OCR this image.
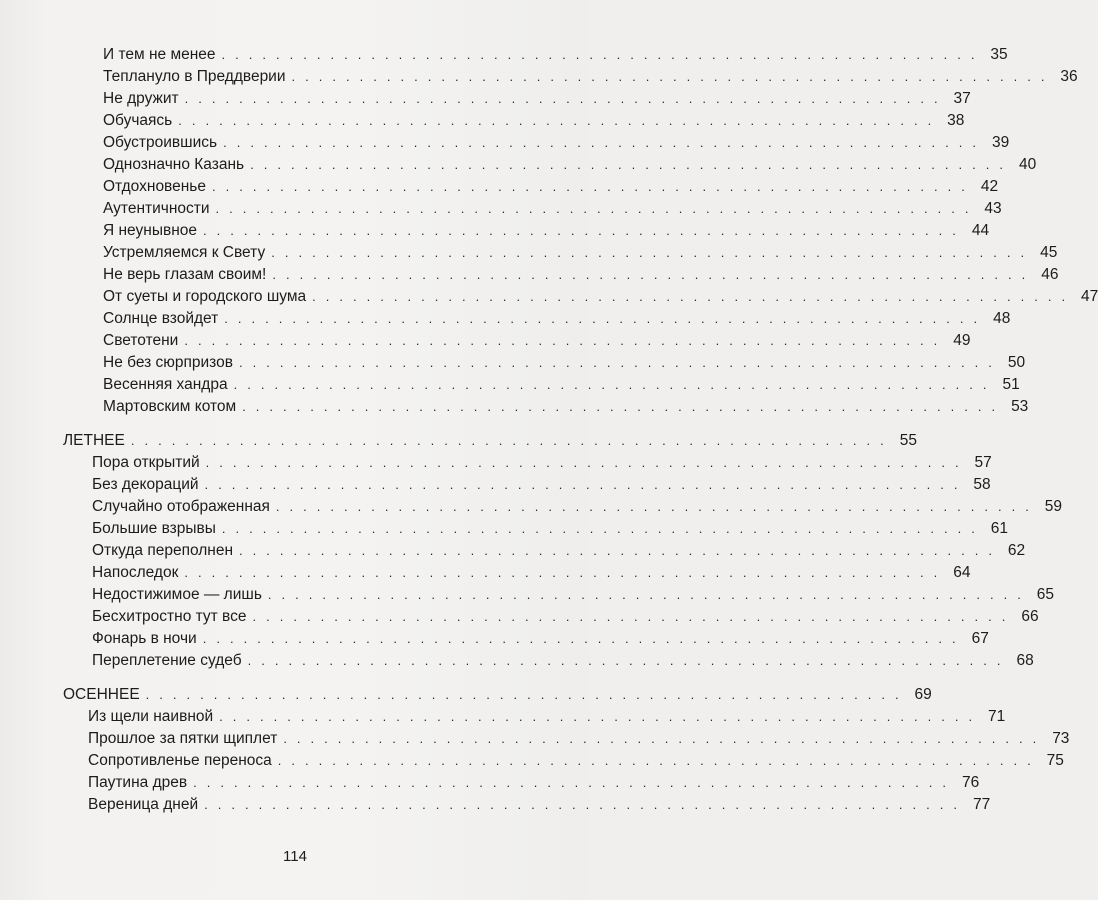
И тем не менее . . . . . . . . . . . . . . . . . . . . . . . . . . . . . . . . . . . . . . . . . . . . . . . . . . . . . . . . 35
Тепланулo в Преддверии . . . . . . . . . . . . . . . . . . . . . . . . . . . . . . . . . . . . . . . . . . . . . . . . . . . . . . . . 36
Не дружит . . . . . . . . . . . . . . . . . . . . . . . . . . . . . . . . . . . . . . . . . . . . . . . . . . . . . . . . 37
Обучаясь . . . . . . . . . . . . . . . . . . . . . . . . . . . . . . . . . . . . . . . . . . . . . . . . . . . . . . . . 38
Обустроившись . . . . . . . . . . . . . . . . . . . . . . . . . . . . . . . . . . . . . . . . . . . . . . . . . . . . . . . . 39
Однозначно Казань . . . . . . . . . . . . . . . . . . . . . . . . . . . . . . . . . . . . . . . . . . . . . . . . . . . . . . . . 40
Отдохновенье . . . . . . . . . . . . . . . . . . . . . . . . . . . . . . . . . . . . . . . . . . . . . . . . . . . . . . . . 42
Аутентичности . . . . . . . . . . . . . . . . . . . . . . . . . . . . . . . . . . . . . . . . . . . . . . . . . . . . . . . . 43
Я неунывное . . . . . . . . . . . . . . . . . . . . . . . . . . . . . . . . . . . . . . . . . . . . . . . . . . . . . . . . 44
Устремляемся к Свету . . . . . . . . . . . . . . . . . . . . . . . . . . . . . . . . . . . . . . . . . . . . . . . . . . . . . . . . 45
Не верь глазам своим! . . . . . . . . . . . . . . . . . . . . . . . . . . . . . . . . . . . . . . . . . . . . . . . . . . . . . . . . 46
От суеты и городского шума . . . . . . . . . . . . . . . . . . . . . . . . . . . . . . . . . . . . . . . . . . . . . . . . . . . . . . . . 47
Солнце взойдет . . . . . . . . . . . . . . . . . . . . . . . . . . . . . . . . . . . . . . . . . . . . . . . . . . . . . . . . 48
Светотени . . . . . . . . . . . . . . . . . . . . . . . . . . . . . . . . . . . . . . . . . . . . . . . . . . . . . . . . 49
Не без сюрпризов . . . . . . . . . . . . . . . . . . . . . . . . . . . . . . . . . . . . . . . . . . . . . . . . . . . . . . . . 50
Весенняя хандра . . . . . . . . . . . . . . . . . . . . . . . . . . . . . . . . . . . . . . . . . . . . . . . . . . . . . . . . 51
Мартовским котом . . . . . . . . . . . . . . . . . . . . . . . . . . . . . . . . . . . . . . . . . . . . . . . . . . . . . . . . 53
ЛЕТНЕЕ . . . . . . . . . . . . . . . . . . . . . . . . . . . . . . . . . . . . . . . . . . . . . . . . . . . . . . . . 55
Пора открытий . . . . . . . . . . . . . . . . . . . . . . . . . . . . . . . . . . . . . . . . . . . . . . . . . . . . . . . . 57
Без декораций . . . . . . . . . . . . . . . . . . . . . . . . . . . . . . . . . . . . . . . . . . . . . . . . . . . . . . . . 58
Случайно отображенная . . . . . . . . . . . . . . . . . . . . . . . . . . . . . . . . . . . . . . . . . . . . . . . . . . . . . . . . 59
Большие взрывы . . . . . . . . . . . . . . . . . . . . . . . . . . . . . . . . . . . . . . . . . . . . . . . . . . . . . . . . 61
Откуда переполнен . . . . . . . . . . . . . . . . . . . . . . . . . . . . . . . . . . . . . . . . . . . . . . . . . . . . . . . . 62
Напоследок . . . . . . . . . . . . . . . . . . . . . . . . . . . . . . . . . . . . . . . . . . . . . . . . . . . . . . . . 64
Недостижимое — лишь . . . . . . . . . . . . . . . . . . . . . . . . . . . . . . . . . . . . . . . . . . . . . . . . . . . . . . . . 65
Бесхитростно тут все . . . . . . . . . . . . . . . . . . . . . . . . . . . . . . . . . . . . . . . . . . . . . . . . . . . . . . . . 66
Фонарь в ночи . . . . . . . . . . . . . . . . . . . . . . . . . . . . . . . . . . . . . . . . . . . . . . . . . . . . . . . . 67
Переплетение судеб . . . . . . . . . . . . . . . . . . . . . . . . . . . . . . . . . . . . . . . . . . . . . . . . . . . . . . . . 68
ОСЕННЕЕ . . . . . . . . . . . . . . . . . . . . . . . . . . . . . . . . . . . . . . . . . . . . . . . . . . . . . . . . 69
Из щели наивной . . . . . . . . . . . . . . . . . . . . . . . . . . . . . . . . . . . . . . . . . . . . . . . . . . . . . . . . 71
Прошлое за пятки щиплет . . . . . . . . . . . . . . . . . . . . . . . . . . . . . . . . . . . . . . . . . . . . . . . . . . . . . . . . 73
Сопротивленье переноса . . . . . . . . . . . . . . . . . . . . . . . . . . . . . . . . . . . . . . . . . . . . . . . . . . . . . . . . 75
Паутина древ . . . . . . . . . . . . . . . . . . . . . . . . . . . . . . . . . . . . . . . . . . . . . . . . . . . . . . . . 76
Вереница дней . . . . . . . . . . . . . . . . . . . . . . . . . . . . . . . . . . . . . . . . . . . . . . . . . . . . . . . . 77
114
